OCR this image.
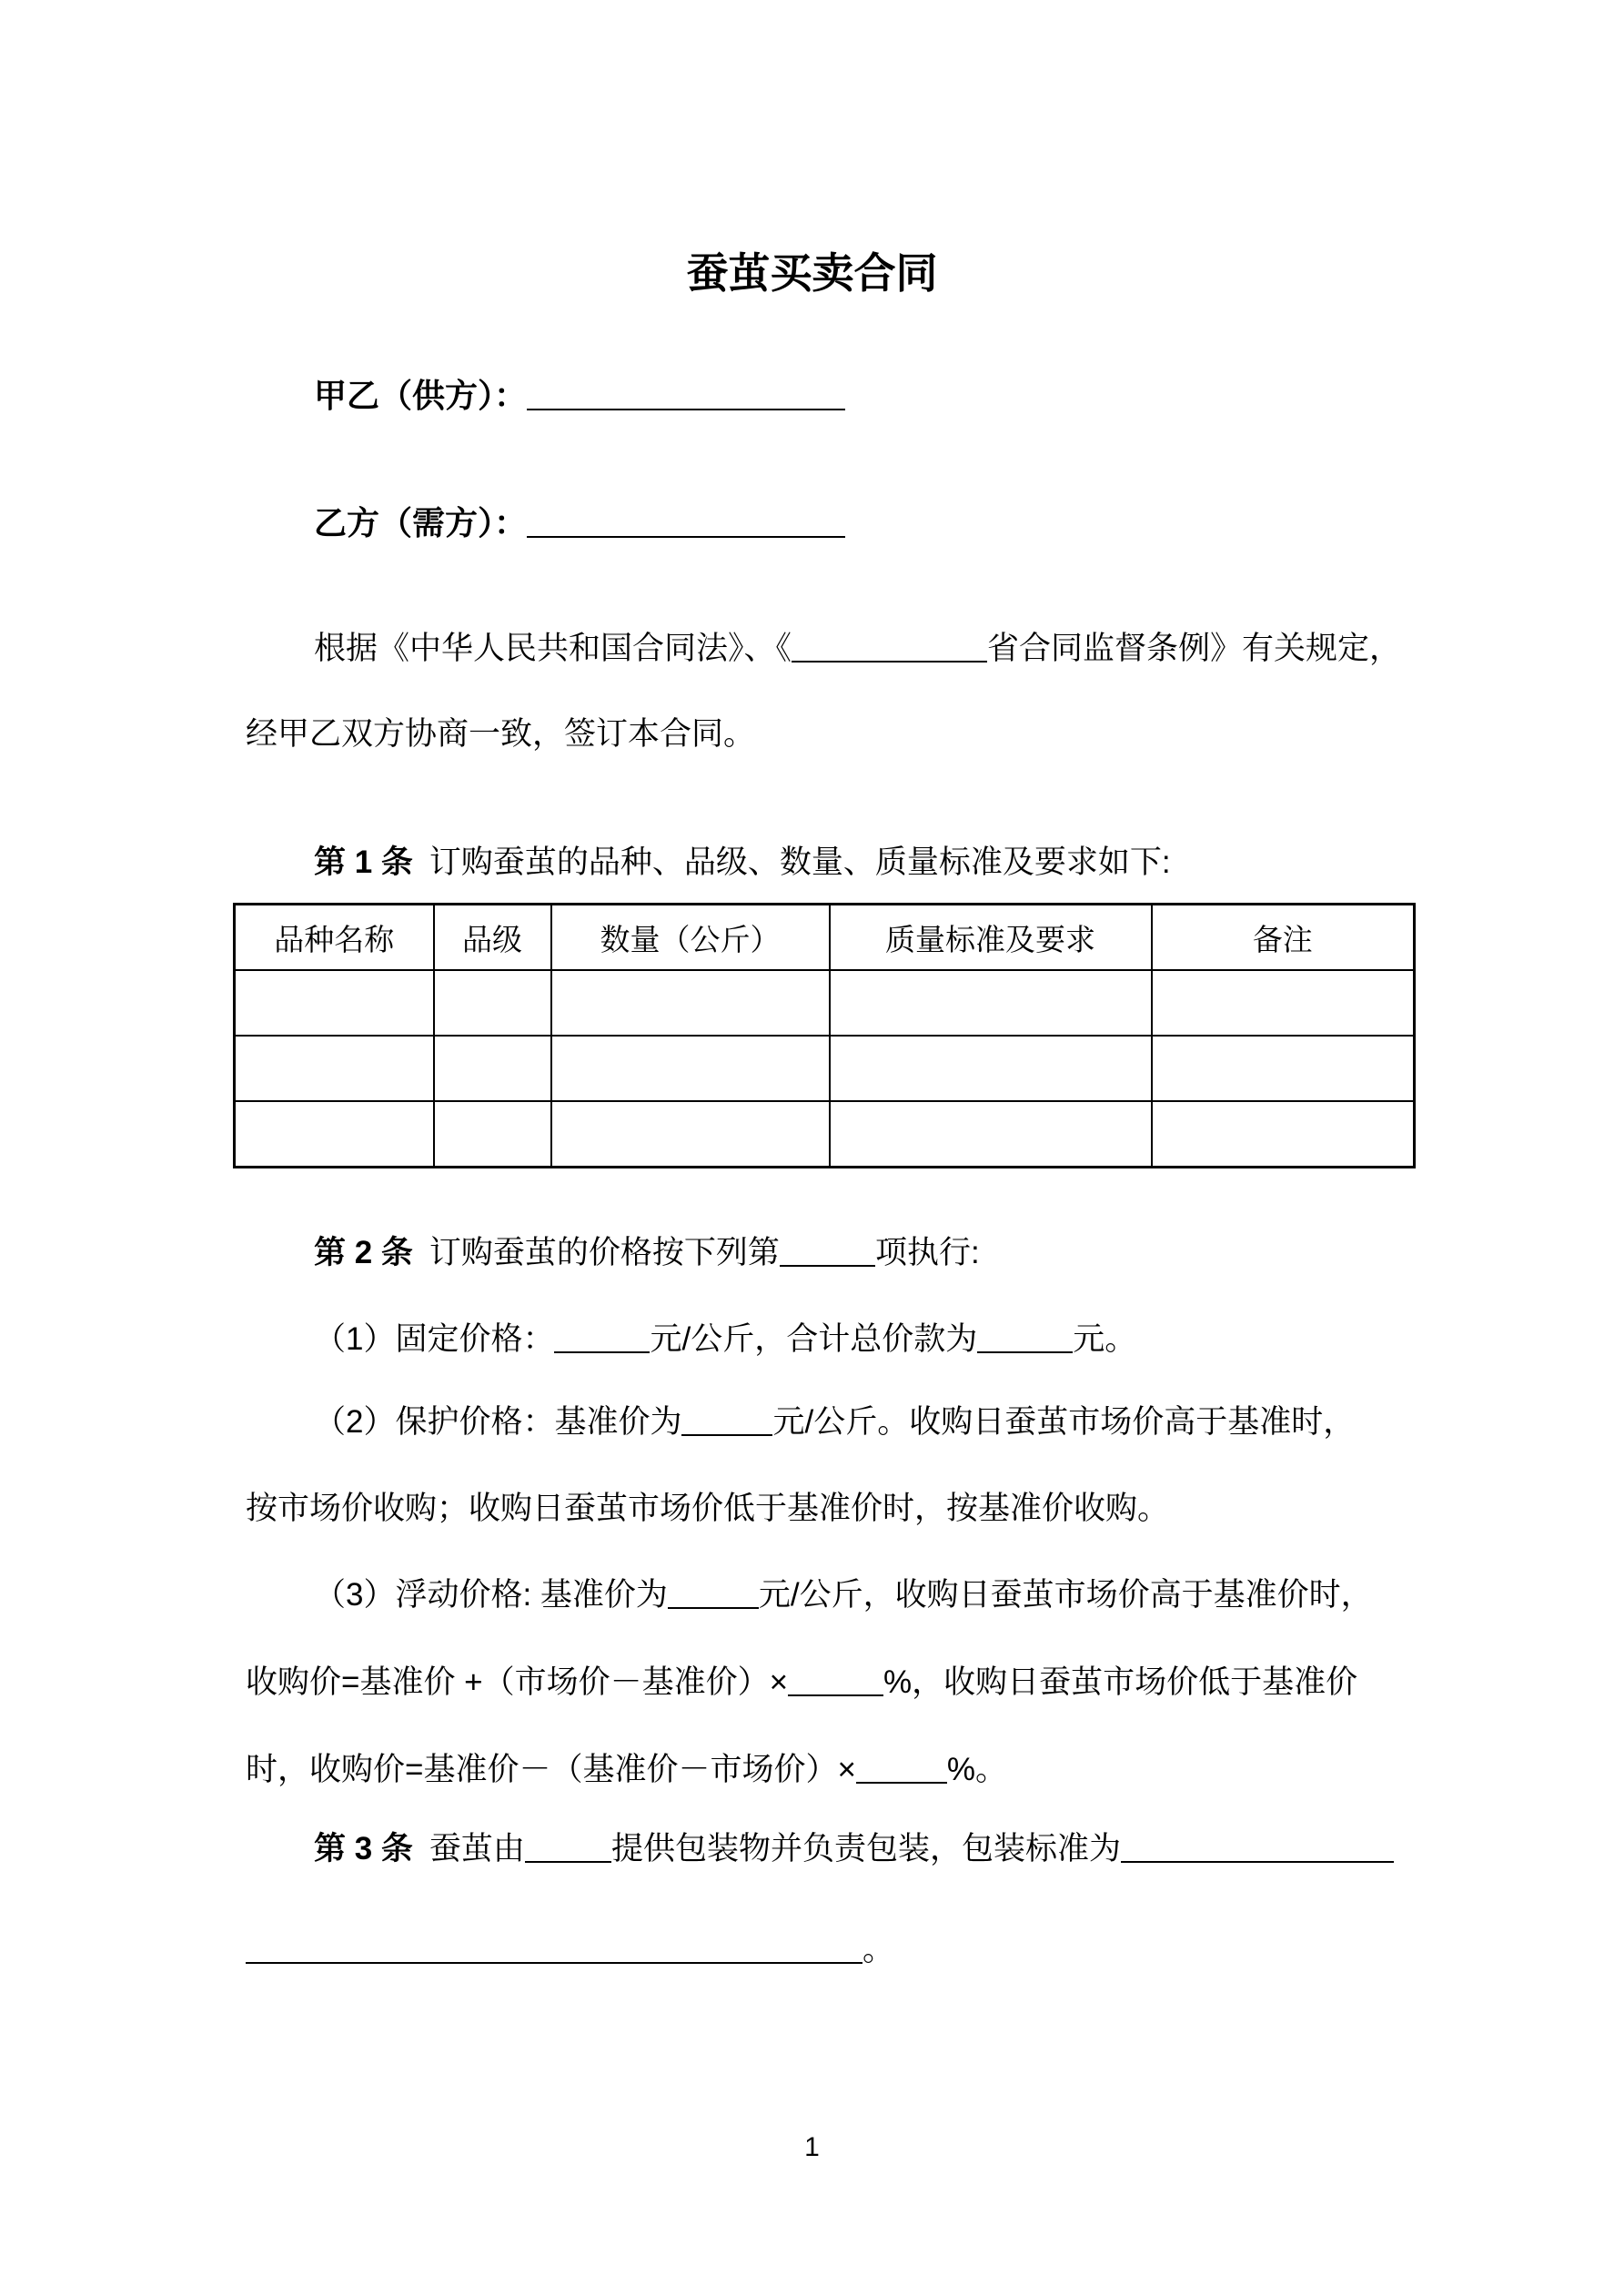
蚕茧买卖合同
甲乙（供方）：
乙方（需方）：
根据《中华人民共和国合同法》、《	省合同监督条例》有关规定，
经甲乙双方协商一致，签订本合同。
第 1 条 订购蚕茧的品种、品级、数量、质量标准及要求如下:
品种名称	品级	数量（公斤）	质量标准及要求	备注

第 2 条 订购蚕茧的价格按下列第	项执行:
（1）固定价格：	元/公斤，合计总价款为	元。
（2）保护价格：基准价为	元/公斤。收购日蚕茧市场价高于基准时，
按市场价收购；收购日蚕茧市场价低于基准价时，按基准价收购。
（3）浮动价格: 基准价为	元/公斤，收购日蚕茧市场价高于基准价时，
收购价=基准价 +（市场价－基准价）×	%，收购日蚕茧市场价低于基准价
时，收购价=基准价－（基准价－市场价）×	%。
第 3 条 蚕茧由	提供包装物并负责包装，包装标准为
。
1
